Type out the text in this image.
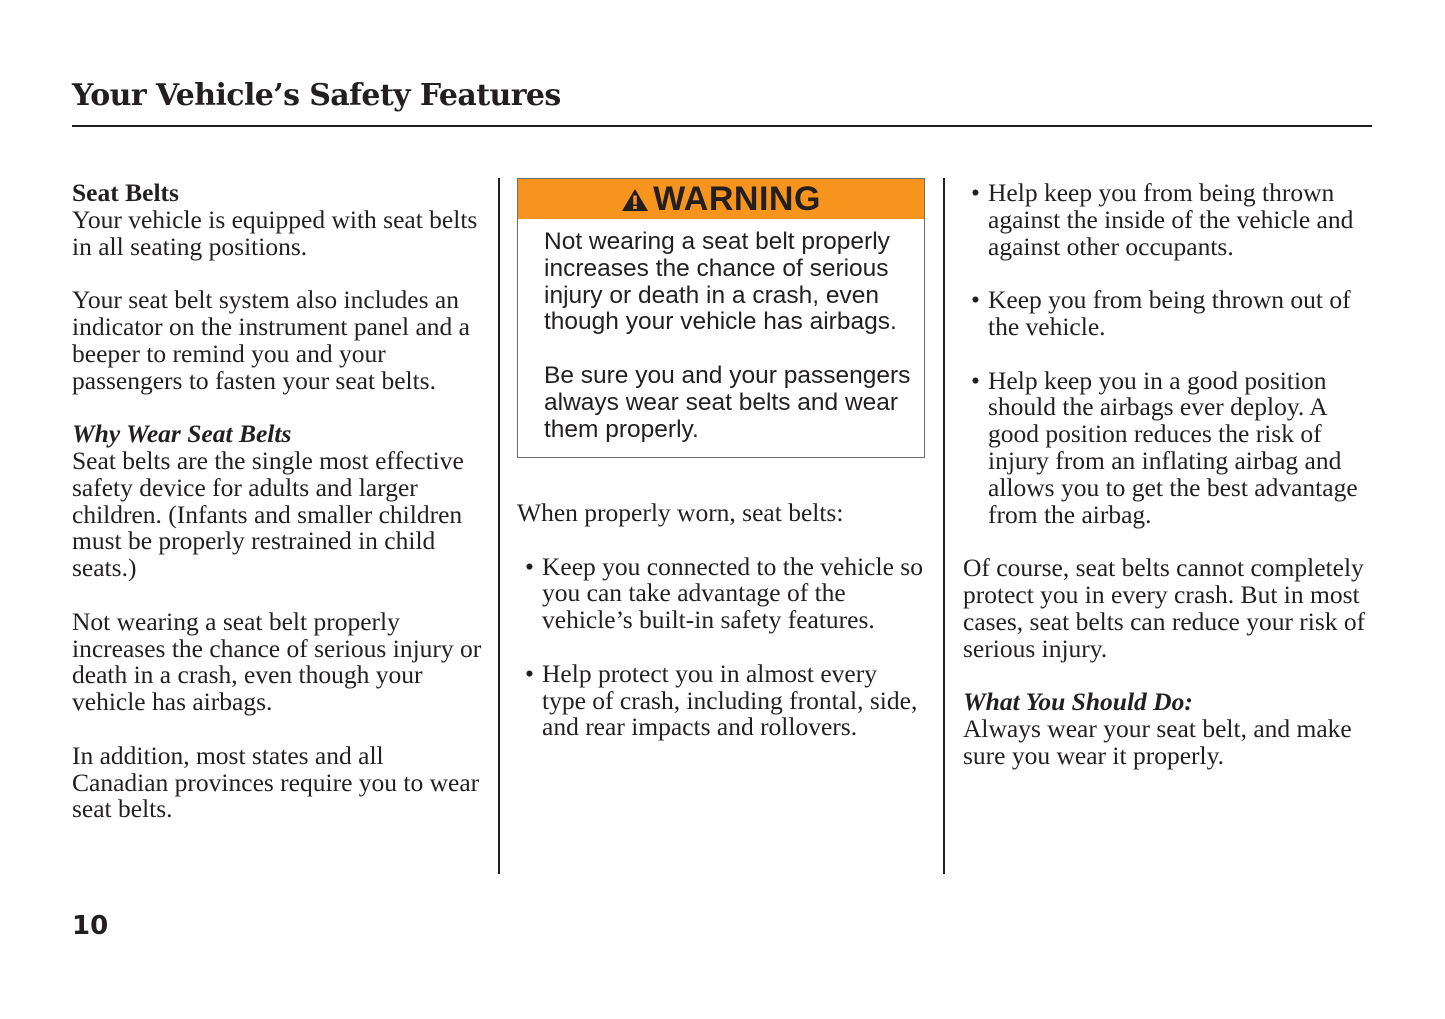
Your Vehicle’s Safety Features
Seat Belts

Your vehicle is equipped with seat belts in all seating positions.

Your seat belt system also includes an indicator on the instrument panel and a beeper to remind you and your passengers to fasten your seat belts.

Why Wear Seat Belts

Seat belts are the single most effective safety device for adults and larger children. (Infants and smaller children must be properly restrained in child seats.)

Not wearing a seat belt properly increases the chance of serious injury or death in a crash, even though your vehicle has airbags.

In addition, most states and all Canadian provinces require you to wear seat belts.

WARNING

Not wearing a seat belt properly increases the chance of serious injury or death in a crash, even though your vehicle has airbags.

Be sure you and your passengers always wear seat belts and wear them properly.

When properly worn, seat belts:

• Keep you connected to the vehicle so you can take advantage of the vehicle’s built-in safety features.
• Help protect you in almost every type of crash, including frontal, side, and rear impacts and rollovers.
• Help keep you from being thrown against the inside of the vehicle and against other occupants.
• Keep you from being thrown out of the vehicle.
• Help keep you in a good position should the airbags ever deploy. A good position reduces the risk of injury from an inflating airbag and allows you to get the best advantage from the airbag.

Of course, seat belts cannot completely protect you in every crash. But in most cases, seat belts can reduce your risk of serious injury.

What You Should Do:

Always wear your seat belt, and make sure you wear it properly.

10
